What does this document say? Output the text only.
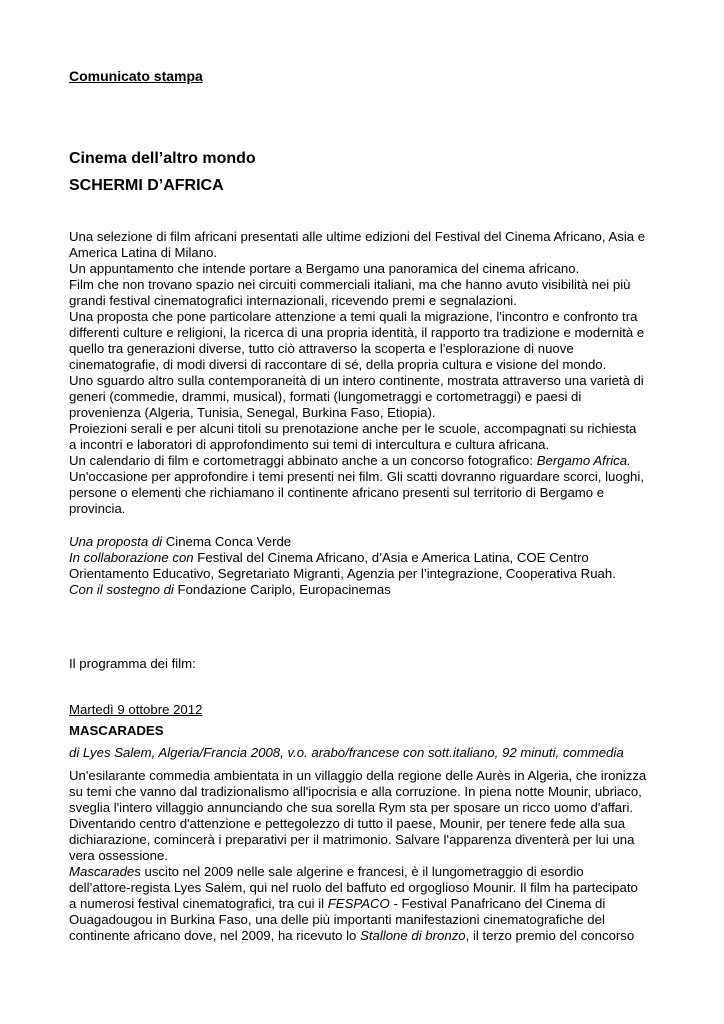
Comunicato stampa
Cinema dell’altro mondo
SCHERMI D’AFRICA
Una selezione di film africani presentati alle ultime edizioni del Festival del Cinema Africano, Asia e
America Latina di Milano.
Un appuntamento che intende portare a Bergamo una panoramica del cinema africano.
Film che non trovano spazio nei circuiti commerciali italiani, ma che hanno avuto visibilità nei più
grandi festival cinematografici internazionali, ricevendo premi e segnalazioni.
Una proposta che pone particolare attenzione a temi quali la migrazione, l'incontro e confronto tra
differenti culture e religioni, la ricerca di una propria identità, il rapporto tra tradizione e modernità e
quello tra generazioni diverse, tutto ciò attraverso la scoperta e l'esplorazione di nuove
cinematografie, di modi diversi di raccontare di sé, della propria cultura e visione del mondo.
Uno sguardo altro sulla contemporaneità di un intero continente, mostrata attraverso una varietà di
generi (commedie, drammi, musical), formati (lungometraggi e cortometraggi) e paesi di
provenienza (Algeria, Tunisia, Senegal, Burkina Faso, Etiopia).
Proiezioni serali e per alcuni titoli su prenotazione anche per le scuole, accompagnati su richiesta
a incontri e laboratori di approfondimento sui temi di intercultura e cultura africana.
Un calendario di film e cortometraggi abbinato anche a un concorso fotografico: Bergamo Africa.
Un'occasione per approfondire i temi presenti nei film. Gli scatti dovranno riguardare scorci, luoghi,
persone o elementi che richiamano il continente africano presenti sul territorio di Bergamo e
provincia.
Una proposta di Cinema Conca Verde
In collaborazione con Festival del Cinema Africano, d’Asia e America Latina, COE Centro
Orientamento Educativo, Segretariato Migranti, Agenzia per l’integrazione, Cooperativa Ruah.
Con il sostegno di Fondazione Cariplo, Europacinemas
Il programma dei film:
Martedì 9 ottobre 2012
MASCARADES
di Lyes Salem, Algeria/Francia 2008, v.o. arabo/francese con sott.italiano, 92 minuti, commedia
Un'esilarante commedia ambientata in un villaggio della regione delle Aurès in Algeria, che ironizza
su temi che vanno dal tradizionalismo all'ipocrisia e alla corruzione. In piena notte Mounir, ubriaco,
sveglia l'intero villaggio annunciando che sua sorella Rym sta per sposare un ricco uomo d'affari.
Diventando centro d'attenzione e pettegolezzo di tutto il paese, Mounir, per tenere fede alla sua
dichiarazione, comincerà i preparativi per il matrimonio. Salvare l'apparenza diventerà per lui una
vera ossessione.
Mascarades uscito nel 2009 nelle sale algerine e francesi, è il lungometraggio di esordio
dell’attore-regista Lyes Salem, qui nel ruolo del baffuto ed orgoglioso Mounir. Il film ha partecipato
a numerosi festival cinematografici, tra cui il FESPACO - Festival Panafricano del Cinema di
Ouagadougou in Burkina Faso, una delle più importanti manifestazioni cinematografiche del
continente africano dove, nel 2009, ha ricevuto lo Stallone di bronzo, il terzo premio del concorso
